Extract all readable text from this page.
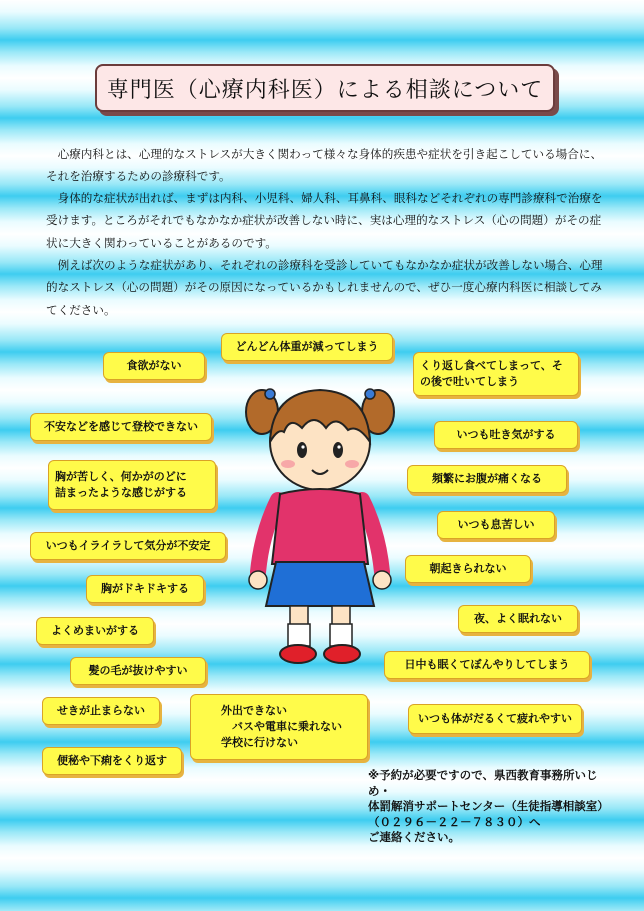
専門医（心療内科医）による相談について

心療内科とは、心理的なストレスが大きく関わって様々な身体的疾患や症状を引き起こしている場合に、それを治療するための診療科です。

身体的な症状が出れば、まずは内科、小児科、婦人科、耳鼻科、眼科などそれぞれの専門診療科で治療を受けます。ところがそれでもなかなか症状が改善しない時に、実は心理的なストレス（心の問題）がその症状に大きく関わっていることがあるのです。

例えば次のような症状があり、それぞれの診療科を受診していてもなかなか症状が改善しない場合、心理的なストレス（心の問題）がその原因になっているかもしれませんので、ぜひ一度心療内科医に相談してみてください。

食欲がない
どんどん体重が減ってしまう
くり返し食べてしまって、そ
の後で吐いてしまう
不安などを感じて登校できない
いつも吐き気がする
胸が苦しく、何かがのどに
詰まったような感じがする
頻繁にお腹が痛くなる
いつも息苦しい
いつもイライラして気分が不安定
朝起きられない
胸がドキドキする
よくめまいがする
夜、よく眠れない
髪の毛が抜けやすい	日中も眠くてぼんやりしてしまう
せきが止まらない	外出できない
　バスや電車に乗れない
学校に行けない
いつも体がだるくて疲れやすい
便秘や下痢をくり返す

※予約が必要ですので、県西教育事務所いじめ・
体罰解消サポートセンター（生徒指導相談室）
（０２９６－２２－７８３０）へ
ご連絡ください。
